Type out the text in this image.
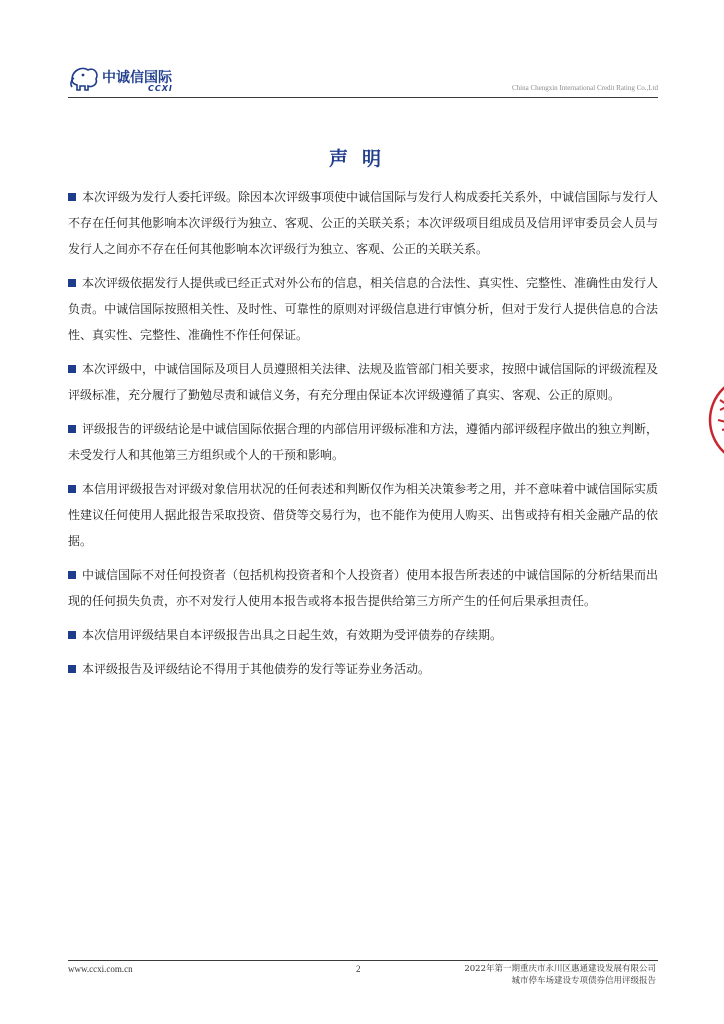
中诚信国际
CCXI	China Chengxin International Credit Rating Co.,Ltd
声明

本次评级为发行人委托评级。除因本次评级事项使中诚信国际与发行人构成委托关系外，中诚信国际与发行人不存在任何其他影响本次评级行为独立、客观、公正的关联关系；本次评级项目组成员及信用评审委员会人员与发行人之间亦不存在任何其他影响本次评级行为独立、客观、公正的关联关系。

本次评级依据发行人提供或已经正式对外公布的信息，相关信息的合法性、真实性、完整性、准确性由发行人负责。中诚信国际按照相关性、及时性、可靠性的原则对评级信息进行审慎分析，但对于发行人提供信息的合法性、真实性、完整性、准确性不作任何保证。

本次评级中，中诚信国际及项目人员遵照相关法律、法规及监管部门相关要求，按照中诚信国际的评级流程及评级标准，充分履行了勤勉尽责和诚信义务，有充分理由保证本次评级遵循了真实、客观、公正的原则。

评级报告的评级结论是中诚信国际依据合理的内部信用评级标准和方法，遵循内部评级程序做出的独立判断，未受发行人和其他第三方组织或个人的干预和影响。

本信用评级报告对评级对象信用状况的任何表述和判断仅作为相关决策参考之用，并不意味着中诚信国际实质性建议任何使用人据此报告采取投资、借贷等交易行为，也不能作为使用人购买、出售或持有相关金融产品的依据。

中诚信国际不对任何投资者（包括机构投资者和个人投资者）使用本报告所表述的中诚信国际的分析结果而出现的任何损失负责，亦不对发行人使用本报告或将本报告提供给第三方所产生的任何后果承担责任。

本次信用评级结果自本评级报告出具之日起生效，有效期为受评债券的存续期。

本评级报告及评级结论不得用于其他债券的发行等证券业务活动。

www.ccxi.com.cn	2	2022年第一期重庆市永川区惠通建设发展有限公司
城市停车场建设专项债券信用评级报告
